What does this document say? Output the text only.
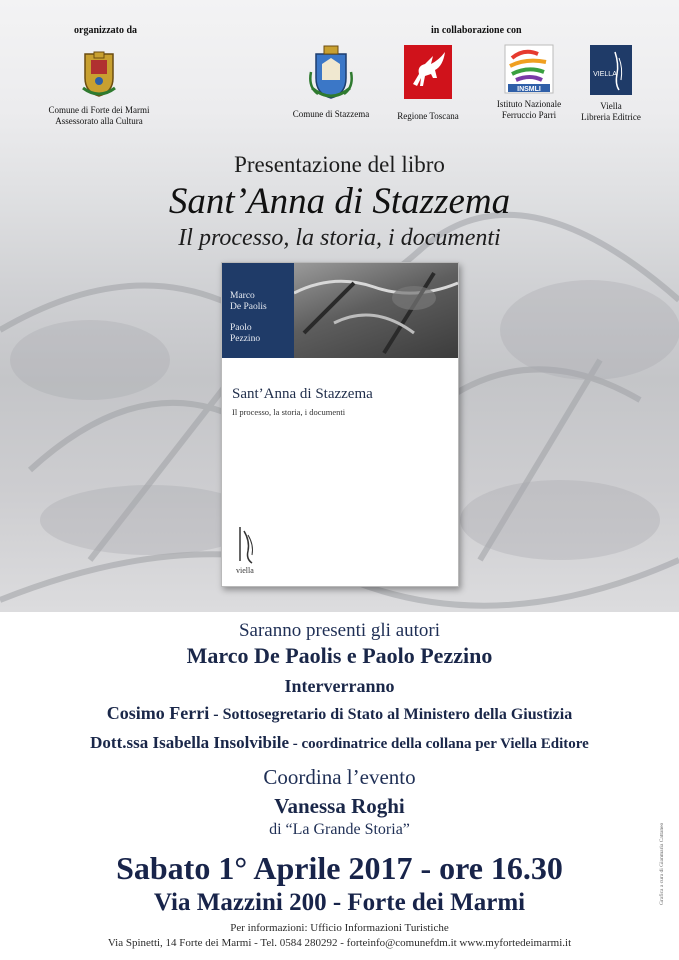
organizzato da	in collaborazione con
Comune di Forte dei Marmi
Assessorato alla Cultura
Comune di Stazzema	Regione Toscana
INSMLI
Istituto Nazionale
Ferruccio Parri
VIELLA
Viella
Libreria Editrice
Presentazione del libro
Sant’Anna di Stazzema
Il processo, la storia, i documenti
Marco
De Paolis
Paolo
Pezzino
Sant’Anna di Stazzema
Il processo, la storia, i documenti
viella
Saranno presenti gli autori
Marco De Paolis e Paolo Pezzino
Interverranno
Cosimo Ferri - Sottosegretario di Stato al Ministero della Giustizia
Dott.ssa Isabella Insolvibile - coordinatrice della collana per Viella Editore
Coordina l’evento
Vanessa Roghi
di “La Grande Storia”
Sabato 1° Aprile 2017 - ore 16.30
Via Mazzini 200 - Forte dei Marmi
Per informazioni: Ufficio Informazioni Turistiche
Via Spinetti, 14 Forte dei Marmi - Tel. 0584 280292 - forteinfo@comunefdm.it www.myfortedeimarmi.it
Grafica a cura di Gianmaria Cattaneo
